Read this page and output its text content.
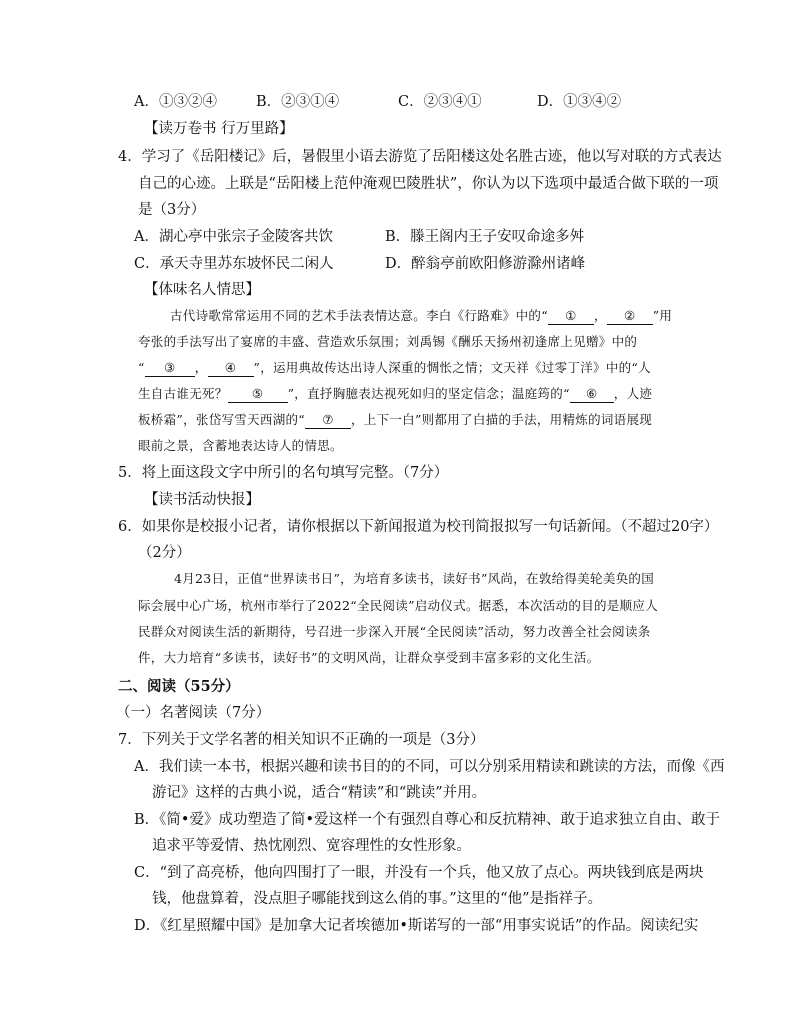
A．①③②④	B．②③①④	C．②③④①	D．①③④②
【读万卷书 行万里路】
4．学习了《岳阳楼记》后，暑假里小语去游览了岳阳楼这处名胜古迹，他以写对联的方式表达
自己的心迹。上联是“岳阳楼上范仲淹观巴陵胜状”，你认为以下选项中最适合做下联的一项
是（3分）
A．湖心亭中张宗子金陵客共饮	B．滕王阁内王子安叹命途多舛
C．承天寺里苏东坡怀民二闲人	D．醉翁亭前欧阳修游滁州诸峰
【体味名人情思】
古代诗歌常常运用不同的艺术手法表情达意。李白《行路难》中的“ ① ， ② ”用
夸张的手法写出了宴席的丰盛、营造欢乐氛围；刘禹锡《酬乐天扬州初逢席上见赠》中的
“ ③ ， ④ ”，运用典故传达出诗人深重的惆怅之情；文天祥《过零丁洋》中的“人
生自古谁无死？ ⑤ ”，直抒胸臆表达视死如归的坚定信念；温庭筠的“ ⑥ ，人迹
板桥霜”，张岱写雪天西湖的“ ⑦ ，上下一白”则都用了白描的手法，用精炼的词语展现
眼前之景，含蓄地表达诗人的情思。
5．将上面这段文字中所引的名句填写完整。（7分）
【读书活动快报】
6．如果你是校报小记者，请你根据以下新闻报道为校刊简报拟写一句话新闻。（不超过20字）
（2分）
4月23日，正值“世界读书日”，为培育多读书，读好书”风尚，在敦给得美轮美奂的国
际会展中心广场，杭州市举行了2022“全民阅读”启动仪式。据悉，本次活动的目的是顺应人
民群众对阅读生活的新期待，号召进一步深入开展“全民阅读”活动，努力改善全社会阅读条
件，大力培育“多读书，读好书”的文明风尚，让群众享受到丰富多彩的文化生活。
二、阅读（55分）
（一）名著阅读（7分）
7．下列关于文学名著的相关知识不正确的一项是（3分）
A．我们读一本书，根据兴趣和读书目的的不同，可以分别采用精读和跳读的方法，而像《西
游记》这样的古典小说，适合“精读”和“跳读”并用。
B．《简•爱》成功塑造了简•爱这样一个有强烈自尊心和反抗精神、敢于追求独立自由、敢于
追求平等爱情、热忱刚烈、宽容理性的女性形象。
C．“到了高亮桥，他向四围打了一眼，并没有一个兵，他又放了点心。两块钱到底是两块
钱，他盘算着，没点胆子哪能找到这么俏的事。”这里的“他”是指祥子。
D．《红星照耀中国》是加拿大记者埃德加•斯诺写的一部“用事实说话”的作品。阅读纪实
